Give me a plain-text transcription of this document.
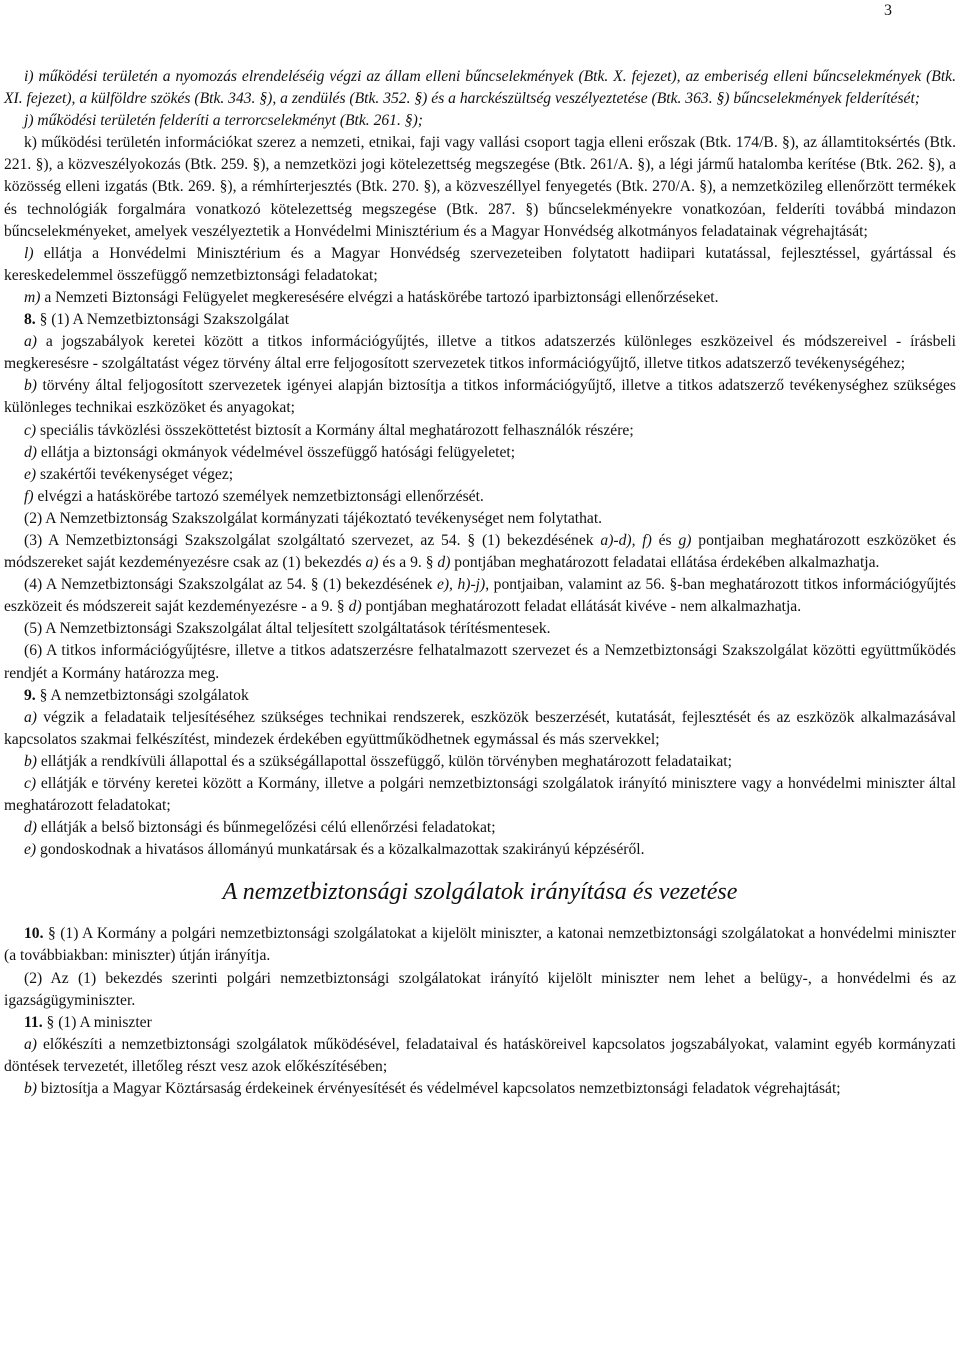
3

i) működési területén a nyomozás elrendeléséig végzi az állam elleni bűncselekmények (Btk. X. fejezet), az emberiség elleni bűncselekmények (Btk. XI. fejezet), a külföldre szökés (Btk. 343. §), a zendülés (Btk. 352. §) és a harckészültség veszélyeztetése (Btk. 363. §) bűncselekmények felderítését;

j) működési területén felderíti a terrorcselekményt (Btk. 261. §);

k) működési területén információkat szerez a nemzeti, etnikai, faji vagy vallási csoport tagja elleni erőszak (Btk. 174/B. §), az államtitoksértés (Btk. 221. §), a közveszélyokozás (Btk. 259. §), a nemzetközi jogi kötelezettség megszegése (Btk. 261/A. §), a légi jármű hatalomba kerítése (Btk. 262. §), a közösség elleni izgatás (Btk. 269. §), a rémhírterjesztés (Btk. 270. §), a közveszéllyel fenyegetés (Btk. 270/A. §), a nemzetközileg ellenőrzött termékek és technológiák forgalmára vonatkozó kötelezettség megszegése (Btk. 287. §) bűncselekményekre vonatkozóan, felderíti továbbá mindazon bűncselekményeket, amelyek veszélyeztetik a Honvédelmi Minisztérium és a Magyar Honvédség alkotmányos feladatainak végrehajtását;

l) ellátja a Honvédelmi Minisztérium és a Magyar Honvédség szervezeteiben folytatott hadiipari kutatással, fejlesztéssel, gyártással és kereskedelemmel összefüggő nemzetbiztonsági feladatokat;

m) a Nemzeti Biztonsági Felügyelet megkeresésére elvégzi a hatáskörébe tartozó iparbiztonsági ellenőrzéseket.

8. § (1) A Nemzetbiztonsági Szakszolgálat

a) a jogszabályok keretei között a titkos információgyűjtés, illetve a titkos adatszerzés különleges eszközeivel és módszereivel - írásbeli megkeresésre - szolgáltatást végez törvény által erre feljogosított szervezetek titkos információgyűjtő, illetve titkos adatszerző tevékenységéhez;

b) törvény által feljogosított szervezetek igényei alapján biztosítja a titkos információgyűjtő, illetve a titkos adatszerző tevékenységhez szükséges különleges technikai eszközöket és anyagokat;

c) speciális távközlési összeköttetést biztosít a Kormány által meghatározott felhasználók részére;

d) ellátja a biztonsági okmányok védelmével összefüggő hatósági felügyeletet;

e) szakértői tevékenységet végez;

f) elvégzi a hatáskörébe tartozó személyek nemzetbiztonsági ellenőrzését.

(2) A Nemzetbiztonság Szakszolgálat kormányzati tájékoztató tevékenységet nem folytathat.

(3) A Nemzetbiztonsági Szakszolgálat szolgáltató szervezet, az 54. § (1) bekezdésének a)-d), f) és g) pontjaiban meghatározott eszközöket és módszereket saját kezdeményezésre csak az (1) bekezdés a) és a 9. § d) pontjában meghatározott feladatai ellátása érdekében alkalmazhatja.

(4) A Nemzetbiztonsági Szakszolgálat az 54. § (1) bekezdésének e), h)-j), pontjaiban, valamint az 56. §-ban meghatározott titkos információgyűjtés eszközeit és módszereit saját kezdeményezésre - a 9. § d) pontjában meghatározott feladat ellátását kivéve - nem alkalmazhatja.

(5) A Nemzetbiztonsági Szakszolgálat által teljesített szolgáltatások térítésmentesek.

(6) A titkos információgyűjtésre, illetve a titkos adatszerzésre felhatalmazott szervezet és a Nemzetbiztonsági Szakszolgálat közötti együttműködés rendjét a Kormány határozza meg.

9. § A nemzetbiztonsági szolgálatok

a) végzik a feladataik teljesítéséhez szükséges technikai rendszerek, eszközök beszerzését, kutatását, fejlesztését és az eszközök alkalmazásával kapcsolatos szakmai felkészítést, mindezek érdekében együttműködhetnek egymással és más szervekkel;

b) ellátják a rendkívüli állapottal és a szükségállapottal összefüggő, külön törvényben meghatározott feladataikat;

c) ellátják e törvény keretei között a Kormány, illetve a polgári nemzetbiztonsági szolgálatok irányító minisztere vagy a honvédelmi miniszter által meghatározott feladatokat;

d) ellátják a belső biztonsági és bűnmegelőzési célú ellenőrzési feladatokat;

e) gondoskodnak a hivatásos állományú munkatársak és a közalkalmazottak szakirányú képzéséről.

A nemzetbiztonsági szolgálatok irányítása és vezetése

10. § (1) A Kormány a polgári nemzetbiztonsági szolgálatokat a kijelölt miniszter, a katonai nemzetbiztonsági szolgálatokat a honvédelmi miniszter (a továbbiakban: miniszter) útján irányítja.

(2) Az (1) bekezdés szerinti polgári nemzetbiztonsági szolgálatokat irányító kijelölt miniszter nem lehet a belügy-, a honvédelmi és az igazságügyminiszter.

11. § (1) A miniszter

a) előkészíti a nemzetbiztonsági szolgálatok működésével, feladataival és hatásköreivel kapcsolatos jogszabályokat, valamint egyéb kormányzati döntések tervezetét, illetőleg részt vesz azok előkészítésében;

b) biztosítja a Magyar Köztársaság érdekeinek érvényesítését és védelmével kapcsolatos nemzetbiztonsági feladatok végrehajtását;
